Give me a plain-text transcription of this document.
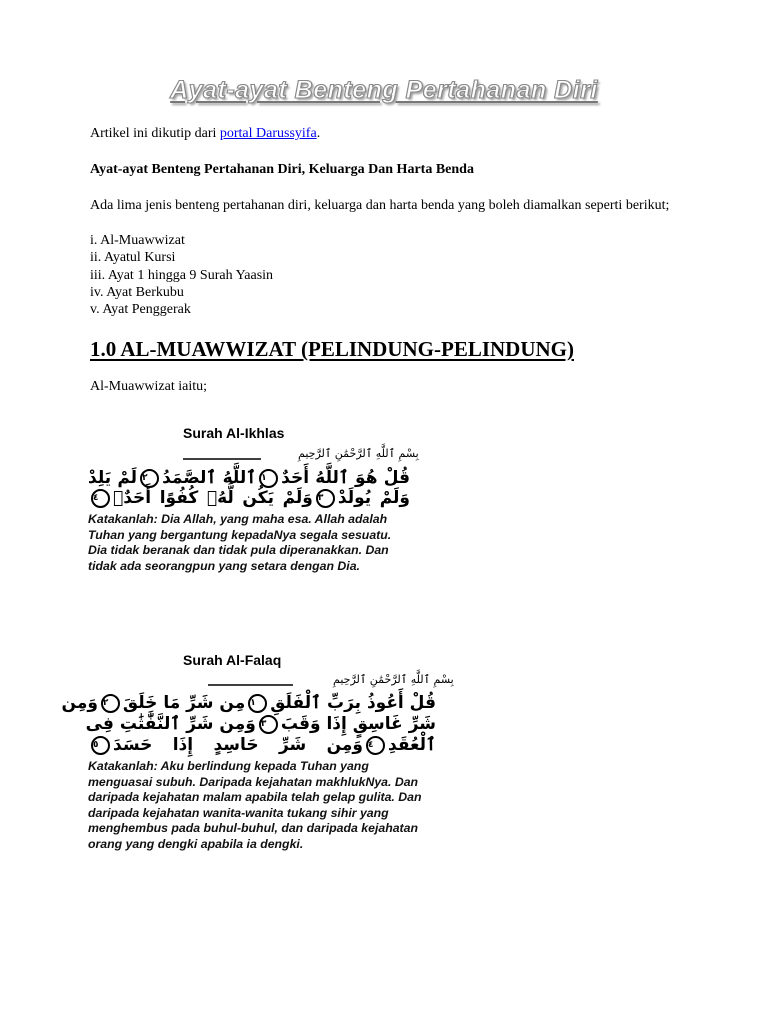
Ayat-ayat Benteng Pertahanan Diri
Artikel ini dikutip dari portal Darussyifa.
Ayat-ayat Benteng Pertahanan Diri, Keluarga Dan Harta Benda
Ada lima jenis benteng pertahanan diri, keluarga dan harta benda yang boleh diamalkan seperti berikut;
i. Al-Muawwizat
ii. Ayatul Kursi
iii. Ayat 1 hingga 9 Surah Yaasin
iv. Ayat Berkubu
v. Ayat Penggerak
1.0 AL-MUAWWIZAT (PELINDUNG-PELINDUNG)
Al-Muawwizat iaitu;
Surah Al-Ikhlas
بِسْمِ ٱللَّهِ ٱلرَّحْمَٰنِ ٱلرَّحِيمِ
قُلْ هُوَ ٱللَّهُ أَحَدٌ١ٱللَّهُ ٱلصَّمَدُ٢لَمْ يَلِدْ
وَلَمْ يُولَدْ٣وَلَمْ يَكُن لَّهُۥ كُفُوًا أَحَدٌۢ٤
Katakanlah: Dia Allah, yang maha esa. Allah adalah Tuhan yang bergantung kepadaNya segala sesuatu. Dia tidak beranak dan tidak pula diperanakkan. Dan tidak ada seorangpun yang setara dengan Dia.
Surah Al-Falaq
بِسْمِ ٱللَّهِ ٱلرَّحْمَٰنِ ٱلرَّحِيمِ
قُلْ أَعُوذُ بِرَبِّ ٱلْفَلَقِ١مِن شَرِّ مَا خَلَقَ٢وَمِن
شَرِّ غَاسِقٍ إِذَا وَقَبَ٣وَمِن شَرِّ ٱلنَّفَّٰثَٰتِ فِى
ٱلْعُقَدِ٤وَمِن شَرِّ حَاسِدٍ إِذَا حَسَدَ٥
Katakanlah: Aku berlindung kepada Tuhan yang menguasai subuh. Daripada kejahatan makhlukNya. Dan daripada kejahatan malam apabila telah gelap gulita. Dan daripada kejahatan wanita-wanita tukang sihir yang menghembus pada buhul-buhul, dan daripada kejahatan orang yang dengki apabila ia dengki.
